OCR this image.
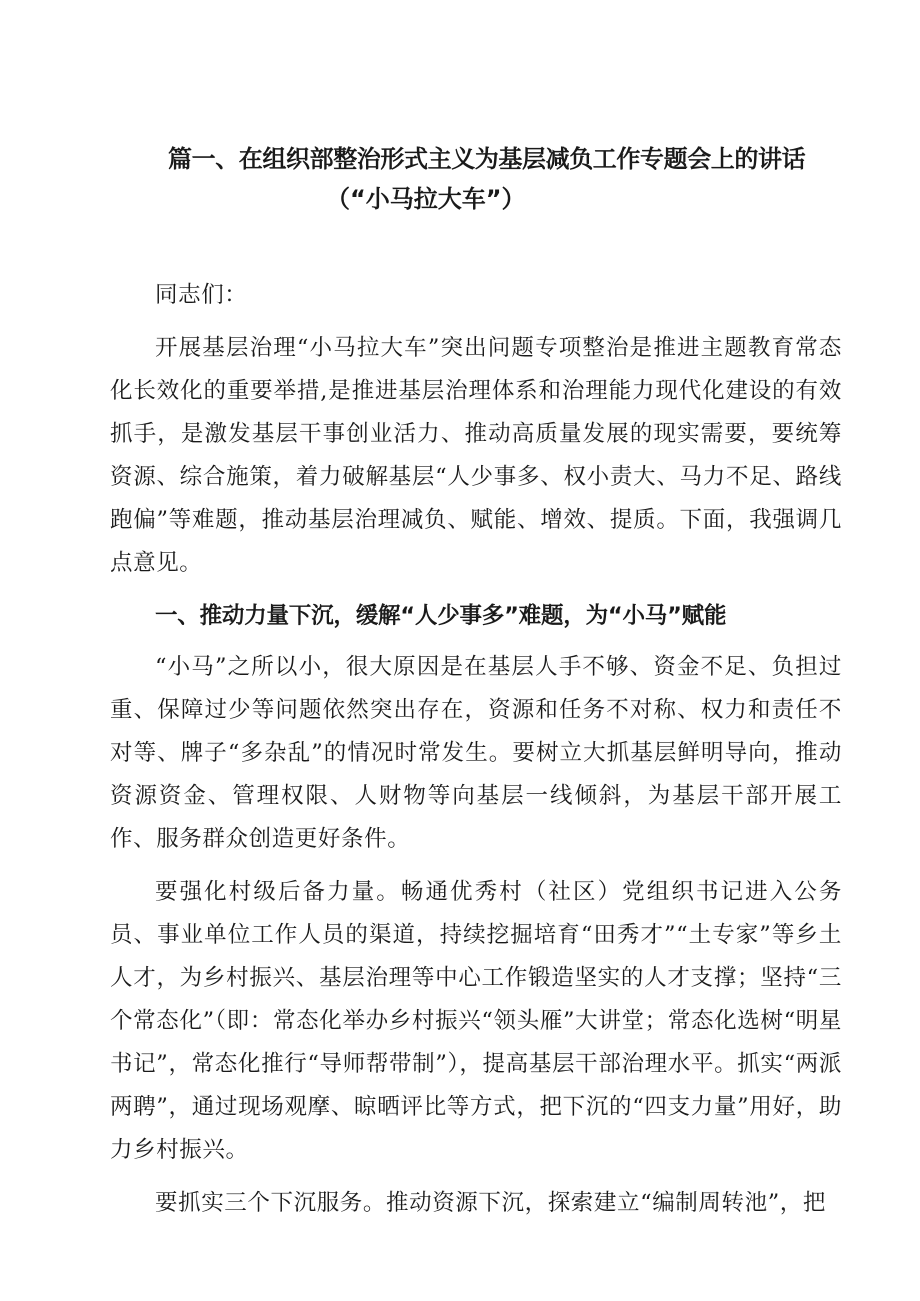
篇一、在组织部整治形式主义为基层减负工作专题会上的讲话
（“小马拉大车”）

同志们：

开展基层治理“小马拉大车”突出问题专项整治是推进主题教育常态化长效化的重要举措,是推进基层治理体系和治理能力现代化建设的有效抓手，是激发基层干事创业活力、推动高质量发展的现实需要，要统筹资源、综合施策，着力破解基层“人少事多、权小责大、马力不足、路线跑偏”等难题，推动基层治理减负、赋能、增效、提质。下面，我强调几点意见。

一、推动力量下沉，缓解“人少事多”难题，为“小马”赋能

“小马”之所以小，很大原因是在基层人手不够、资金不足、负担过重、保障过少等问题依然突出存在，资源和任务不对称、权力和责任不对等、牌子“多杂乱”的情况时常发生。要树立大抓基层鲜明导向，推动资源资金、管理权限、人财物等向基层一线倾斜，为基层干部开展工作、服务群众创造更好条件。

要强化村级后备力量。畅通优秀村（社区）党组织书记进入公务员、事业单位工作人员的渠道，持续挖掘培育“田秀才”“土专家”等乡土人才，为乡村振兴、基层治理等中心工作锻造坚实的人才支撑；坚持“三个常态化”（即：常态化举办乡村振兴“领头雁”大讲堂；常态化选树“明星书记”，常态化推行“导师帮带制”），提高基层干部治理水平。抓实“两派两聘”，通过现场观摩、晾晒评比等方式，把下沉的“四支力量”用好，助力乡村振兴。

要抓实三个下沉服务。推动资源下沉，探索建立“编制周转池”，把
